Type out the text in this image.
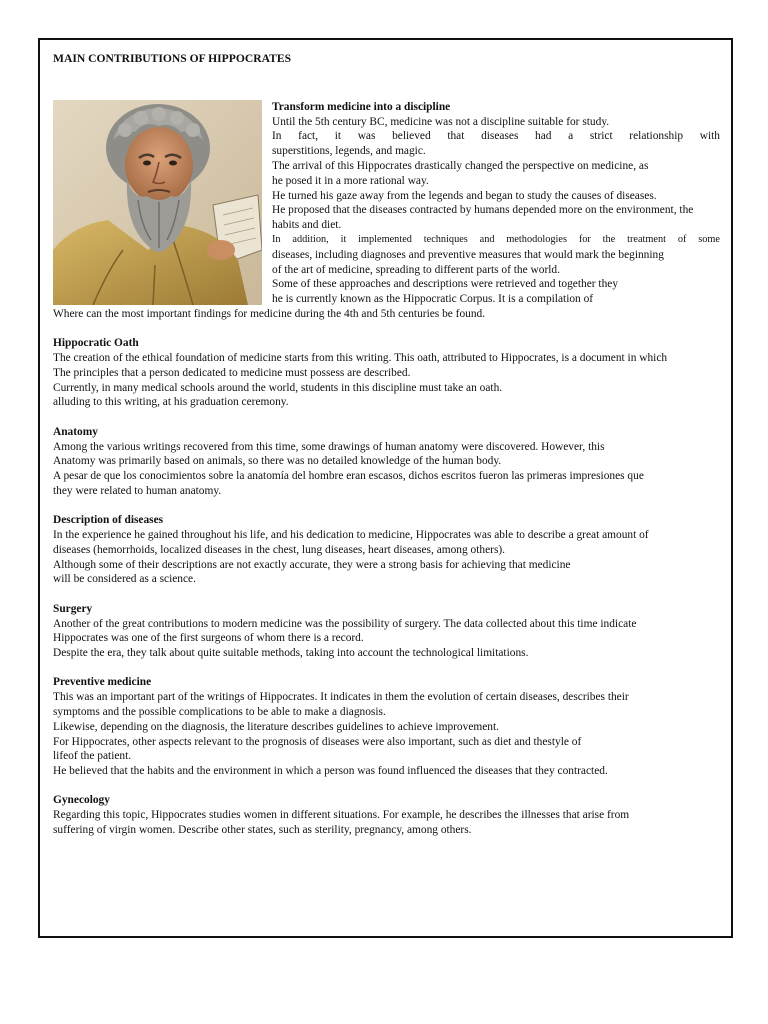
MAIN CONTRIBUTIONS OF HIPPOCRATES
Transform medicine into a discipline
Until the 5th century BC, medicine was not a discipline suitable for study.
In fact, it was believed that diseases had a strict relationship with
superstitions, legends, and magic.
The arrival of this Hippocrates drastically changed the perspective on medicine, as
he posed it in a more rational way.
He turned his gaze away from the legends and began to study the causes of diseases.
He proposed that the diseases contracted by humans depended more on the environment, the
habits and diet.
In addition, it implemented techniques and methodologies for the treatment of some
diseases, including diagnoses and preventive measures that would mark the beginning
of the art of medicine, spreading to different parts of the world.
Some of these approaches and descriptions were retrieved and together they
he is currently known as the Hippocratic Corpus. It is a compilation of
Where can the most important findings for medicine during the 4th and 5th centuries be found.
Hippocratic Oath
The creation of the ethical foundation of medicine starts from this writing. This oath, attributed to Hippocrates, is a document in which
The principles that a person dedicated to medicine must possess are described.
Currently, in many medical schools around the world, students in this discipline must take an oath.
alluding to this writing, at his graduation ceremony.
Anatomy
Among the various writings recovered from this time, some drawings of human anatomy were discovered. However, this
Anatomy was primarily based on animals, so there was no detailed knowledge of the human body.
A pesar de que los conocimientos sobre la anatomía del hombre eran escasos, dichos escritos fueron las primeras impresiones que
they were related to human anatomy.
Description of diseases
In the experience he gained throughout his life, and his dedication to medicine, Hippocrates was able to describe a great amount of
diseases (hemorrhoids, localized diseases in the chest, lung diseases, heart diseases, among others).
Although some of their descriptions are not exactly accurate, they were a strong basis for achieving that medicine
will be considered as a science.
Surgery
Another of the great contributions to modern medicine was the possibility of surgery. The data collected about this time indicate
Hippocrates was one of the first surgeons of whom there is a record.
Despite the era, they talk about quite suitable methods, taking into account the technological limitations.
Preventive medicine
This was an important part of the writings of Hippocrates. It indicates in them the evolution of certain diseases, describes their
symptoms and the possible complications to be able to make a diagnosis.
Likewise, depending on the diagnosis, the literature describes guidelines to achieve improvement.
For Hippocrates, other aspects relevant to the prognosis of diseases were also important, such as diet and thestyle of
lifeof the patient.
He believed that the habits and the environment in which a person was found influenced the diseases that they contracted.
Gynecology
Regarding this topic, Hippocrates studies women in different situations. For example, he describes the illnesses that arise from
suffering of virgin women. Describe other states, such as sterility, pregnancy, among others.
